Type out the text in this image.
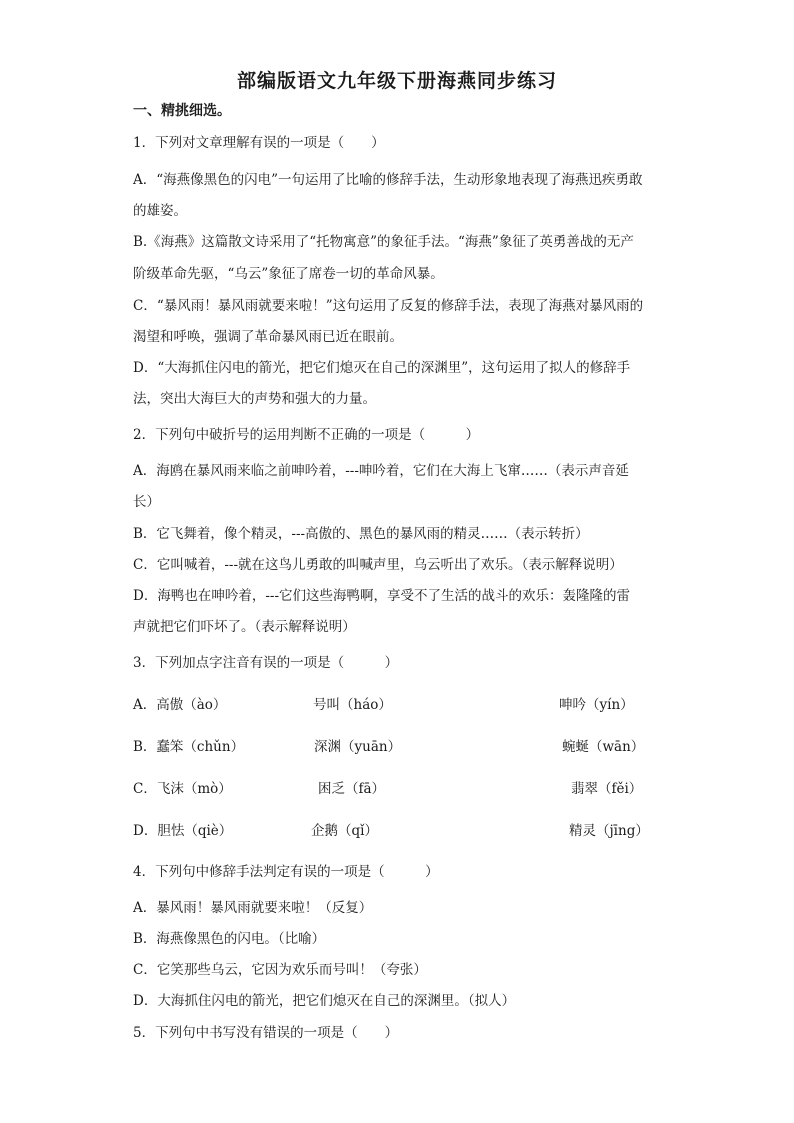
部编版语文九年级下册海燕同步练习
一、精挑细选。
1．下列对文章理解有误的一项是（　　）
A．“海燕像黑色的闪电”一句运用了比喻的修辞手法，生动形象地表现了海燕迅疾勇敢
的雄姿。
B.《海燕》这篇散文诗采用了“托物寓意”的象征手法。“海燕”象征了英勇善战的无产
阶级革命先驱，“乌云”象征了席卷一切的革命风暴。
C．“暴风雨！暴风雨就要来啦！”这句运用了反复的修辞手法，表现了海燕对暴风雨的
渴望和呼唤，强调了革命暴风雨已近在眼前。
D．“大海抓住闪电的箭光，把它们熄灭在自己的深渊里”，这句运用了拟人的修辞手
法，突出大海巨大的声势和强大的力量。
2．下列句中破折号的运用判断不正确的一项是（　　　）
A．海鸥在暴风雨来临之前呻吟着，---呻吟着，它们在大海上飞窜……（表示声音延
长）
B．它飞舞着，像个精灵，---高傲的、黑色的暴风雨的精灵……（表示转折）
C．它叫喊着，---就在这鸟儿勇敢的叫喊声里，乌云听出了欢乐。（表示解释说明）
D．海鸭也在呻吟着，---它们这些海鸭啊，享受不了生活的战斗的欢乐：轰隆隆的雷
声就把它们吓坏了。（表示解释说明）
3．下列加点字注音有误的一项是（　　　）
A．高傲（ào）	号叫（háo）	呻吟（yín）
B．蠢笨（chǔn）	深渊（yuān）	蜿蜒（wān）
C．飞沫（mò）	困乏（fā）	翡翠（fěi）
D．胆怯（qiè）	企鹅（qǐ）	精灵（jīng）
4．下列句中修辞手法判定有误的一项是（　　　）
A．暴风雨！暴风雨就要来啦！（反复）
B．海燕像黑色的闪电。（比喻）
C．它笑那些乌云，它因为欢乐而号叫！（夸张）
D．大海抓住闪电的箭光，把它们熄灭在自己的深渊里。（拟人）
5．下列句中书写没有错误的一项是（　　）
